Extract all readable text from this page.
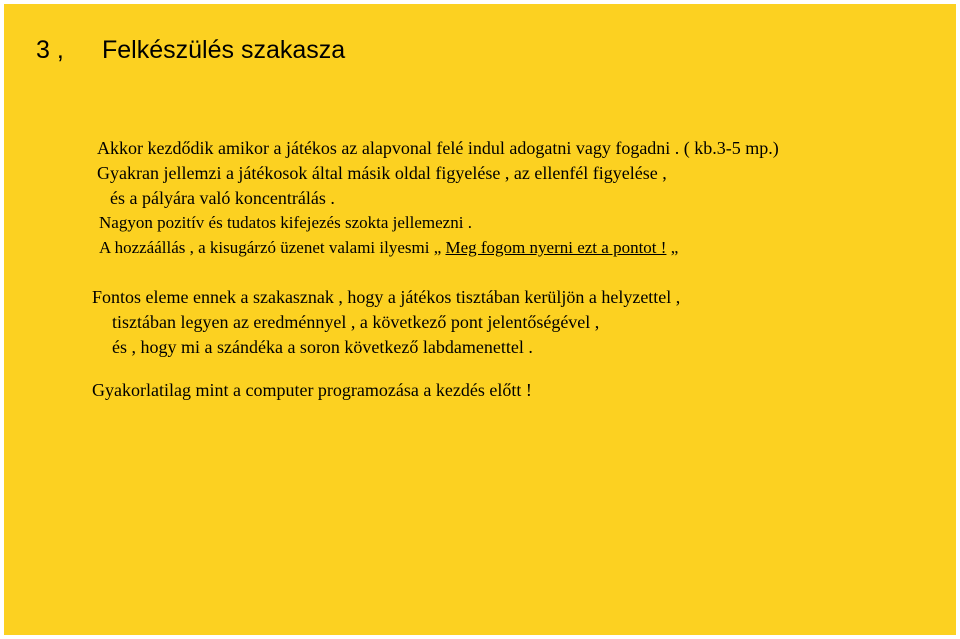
3 , Felkészülés szakasza
Akkor kezdődik amikor a játékos az alapvonal felé indul adogatni vagy fogadni . ( kb.3-5 mp.)
Gyakran jellemzi a játékosok által másik oldal figyelése , az ellenfél figyelése ,
és a pályára való koncentrálás .
Nagyon pozitív és tudatos kifejezés szokta jellemezni .
A hozzáállás , a kisugárzó üzenet valami ilyesmi „ Meg fogom nyerni ezt a pontot ! „
Fontos eleme ennek a szakasznak , hogy a játékos tisztában kerüljön a helyzettel ,
tisztában legyen az eredménnyel , a következő pont jelentőségével ,
és , hogy mi a szándéka a soron következő labdamenettel .
Gyakorlatilag mint a computer programozása a kezdés előtt !
